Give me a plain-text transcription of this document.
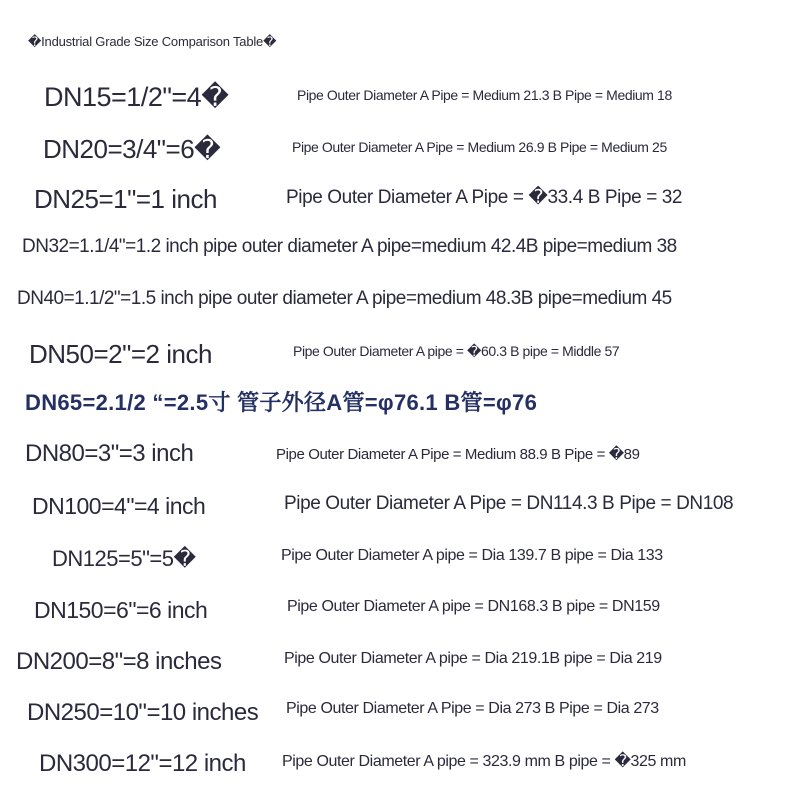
�Industrial Grade Size Comparison Table�
DN15=1/2"=4�	Pipe Outer Diameter A Pipe = Medium 21.3 B Pipe = Medium 18
DN20=3/4"=6�	Pipe Outer Diameter A Pipe = Medium 26.9 B Pipe = Medium 25
DN25=1"=1 inch	Pipe Outer Diameter A Pipe = �33.4 B Pipe = 32
DN32=1.1/4"=1.2 inch pipe outer diameter A pipe=medium 42.4B pipe=medium 38
DN40=1.1/2"=1.5 inch pipe outer diameter A pipe=medium 48.3B pipe=medium 45
DN50=2"=2 inch	Pipe Outer Diameter A pipe = �60.3 B pipe = Middle 57
DN65=2.1/2 “=2.5寸 管子外径A管=φ76.1 B管=φ76
DN80=3"=3 inch	Pipe Outer Diameter A Pipe = Medium 88.9 B Pipe = �89
DN100=4"=4 inch	Pipe Outer Diameter A Pipe = DN114.3 B Pipe = DN108
DN125=5"=5�	Pipe Outer Diameter A pipe = Dia 139.7 B pipe = Dia 133
DN150=6"=6 inch	Pipe Outer Diameter A pipe = DN168.3 B pipe = DN159
DN200=8"=8 inches	Pipe Outer Diameter A pipe = Dia 219.1B pipe = Dia 219
DN250=10"=10 inches Pipe Outer Diameter A Pipe = Dia 273 B Pipe = Dia 273
DN300=12"=12 inch Pipe Outer Diameter A pipe = 323.9 mm B pipe = �325 mm
